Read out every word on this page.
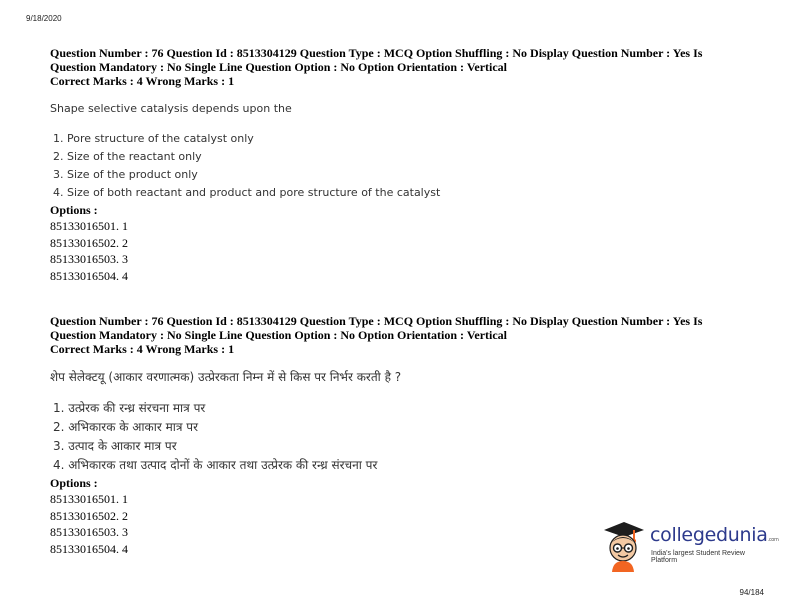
9/18/2020

Question Number : 76 Question Id : 8513304129 Question Type : MCQ Option Shuffling : No Display Question Number : Yes Is

Question Mandatory : No Single Line Question Option : No Option Orientation : Vertical

Correct Marks : 4 Wrong Marks : 1

Shape selective catalysis depends upon the

1. Pore structure of the catalyst only
2. Size of the reactant only
3. Size of the product only
4. Size of both reactant and product and pore structure of the catalyst

Options :

85133016501. 1

85133016502. 2

85133016503. 3

85133016504. 4

Question Number : 76 Question Id : 8513304129 Question Type : MCQ Option Shuffling : No Display Question Number : Yes Is

Question Mandatory : No Single Line Question Option : No Option Orientation : Vertical

Correct Marks : 4 Wrong Marks : 1

शेप सेलेक्टयू (आकार वरणात्मक) उत्प्रेरकता निम्न में से किस पर निर्भर करती है ?

1. उत्प्रेरक की रन्ध्र संरचना मात्र पर
2. अभिकारक के आकार मात्र पर
3. उत्पाद के आकार मात्र पर
4. अभिकारक तथा उत्पाद दोनों के आकार तथा उत्प्रेरक की रन्ध्र संरचना पर

Options :

85133016501. 1

85133016502. 2

85133016503. 3

85133016504. 4

collegedunia.com
India's largest Student Review Platform
94/184
